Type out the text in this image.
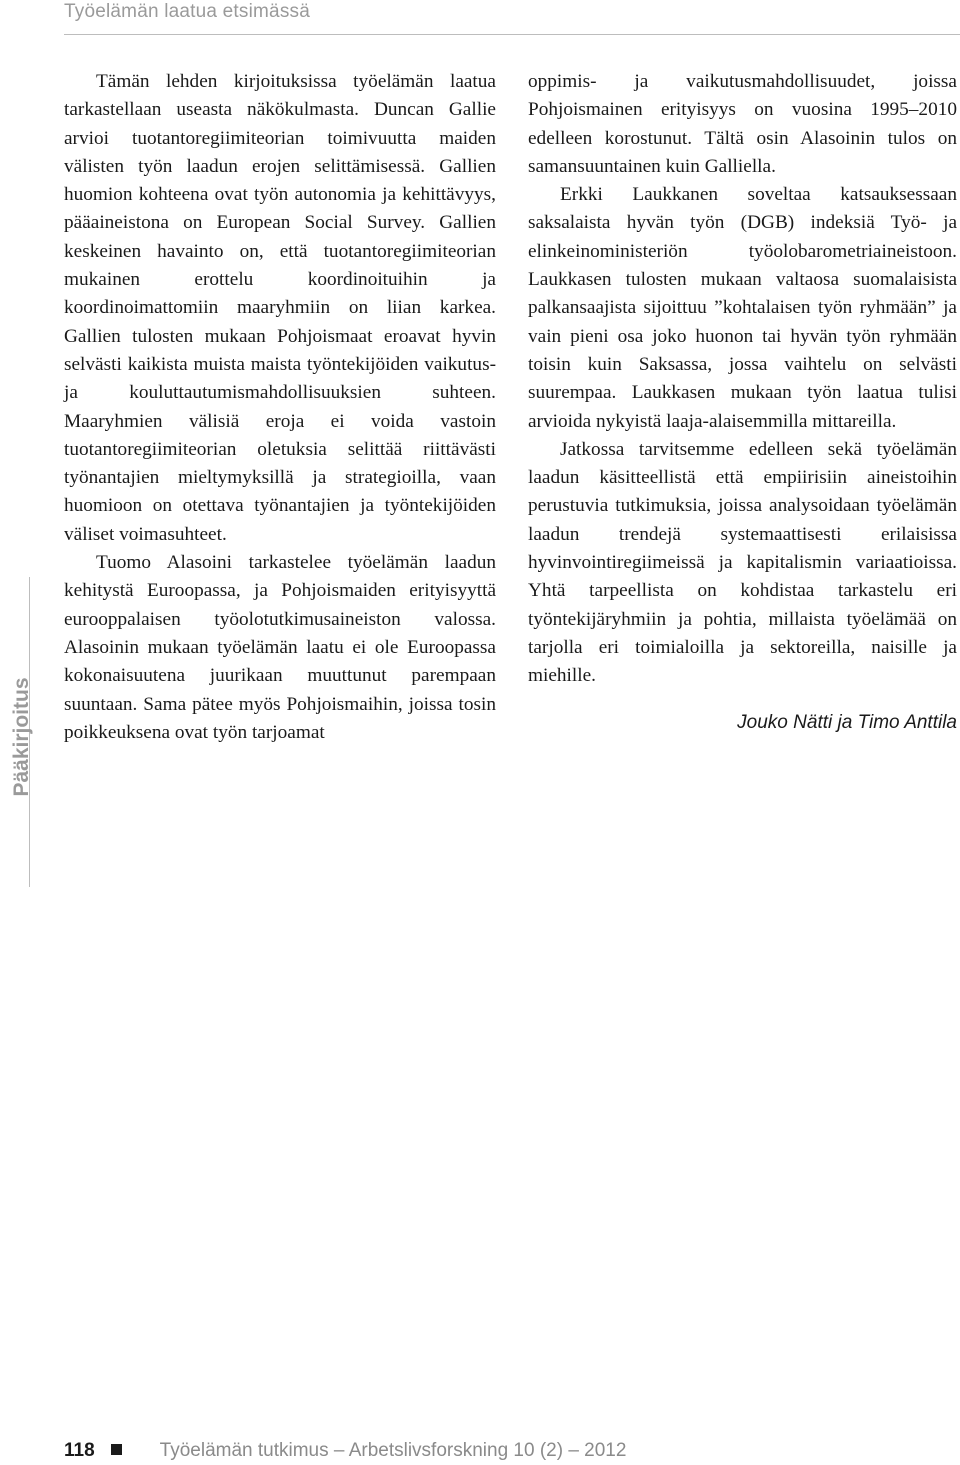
Työelämän laatua etsimässä
Pääkirjoitus

Tämän lehden kirjoituksissa työelämän laatua tarkastellaan useasta näkökulmasta. Duncan Gallie arvioi tuotantoregiimiteorian toimivuutta maiden välisten työn laadun erojen selittämisessä. Gallien huomion kohteena ovat työn autonomia ja kehittävyys, pääaineistona on European Social Survey. Gallien keskeinen havainto on, että tuotantoregiimiteorian mukainen erottelu koordinoituihin ja koordinoimattomiin maaryhmiin on liian karkea. Gallien tulosten mukaan Pohjoismaat eroavat hyvin selvästi kaikista muista maista työntekijöiden vaikutus- ja kouluttautumismahdollisuuksien suhteen. Maaryhmien välisiä eroja ei voida vastoin tuotantoregiimiteorian oletuksia selittää riittävästi työnantajien mieltymyksillä ja strategioilla, vaan huomioon on otettava työnantajien ja työntekijöiden väliset voimasuhteet.

Tuomo Alasoini tarkastelee työelämän laadun kehitystä Euroopassa, ja Pohjoismaiden erityisyyttä eurooppalaisen työolotutkimusaineiston valossa. Alasoinin mukaan työelämän laatu ei ole Euroopassa kokonaisuutena juurikaan muuttunut parempaan suuntaan. Sama pätee myös Pohjoismaihin, joissa tosin poikkeuksena ovat työn tarjoamat

oppimis- ja vaikutusmahdollisuudet, joissa Pohjoismainen erityisyys on vuosina 1995–2010 edelleen korostunut. Tältä osin Alasoinin tulos on samansuuntainen kuin Galliella.

Erkki Laukkanen soveltaa katsauksessaan saksalaista hyvän työn (DGB) indeksiä Työ- ja elinkeinoministeriön työolobarometriaineistoon. Laukkasen tulosten mukaan valtaosa suomalaisista palkansaajista sijoittuu ”kohtalaisen työn ryhmään” ja vain pieni osa joko huonon tai hyvän työn ryhmään toisin kuin Saksassa, jossa vaihtelu on selvästi suurempaa. Laukkasen mukaan työn laatua tulisi arvioida nykyistä laaja-alaisemmilla mittareilla.

Jatkossa tarvitsemme edelleen sekä työelämän laadun käsitteellistä että empiirisiin aineistoihin perustuvia tutkimuksia, joissa analysoidaan työelämän laadun trendejä systemaattisesti erilaisissa hyvinvointiregiimeissä ja kapitalismin variaatioissa. Yhtä tarpeellista on kohdistaa tarkastelu eri työntekijäryhmiin ja pohtia, millaista työelämää on tarjolla eri toimialoilla ja sektoreilla, naisille ja miehille.

Jouko Nätti ja Timo Anttila
118	Työelämän tutkimus – Arbetslivsforskning 10 (2) – 2012
